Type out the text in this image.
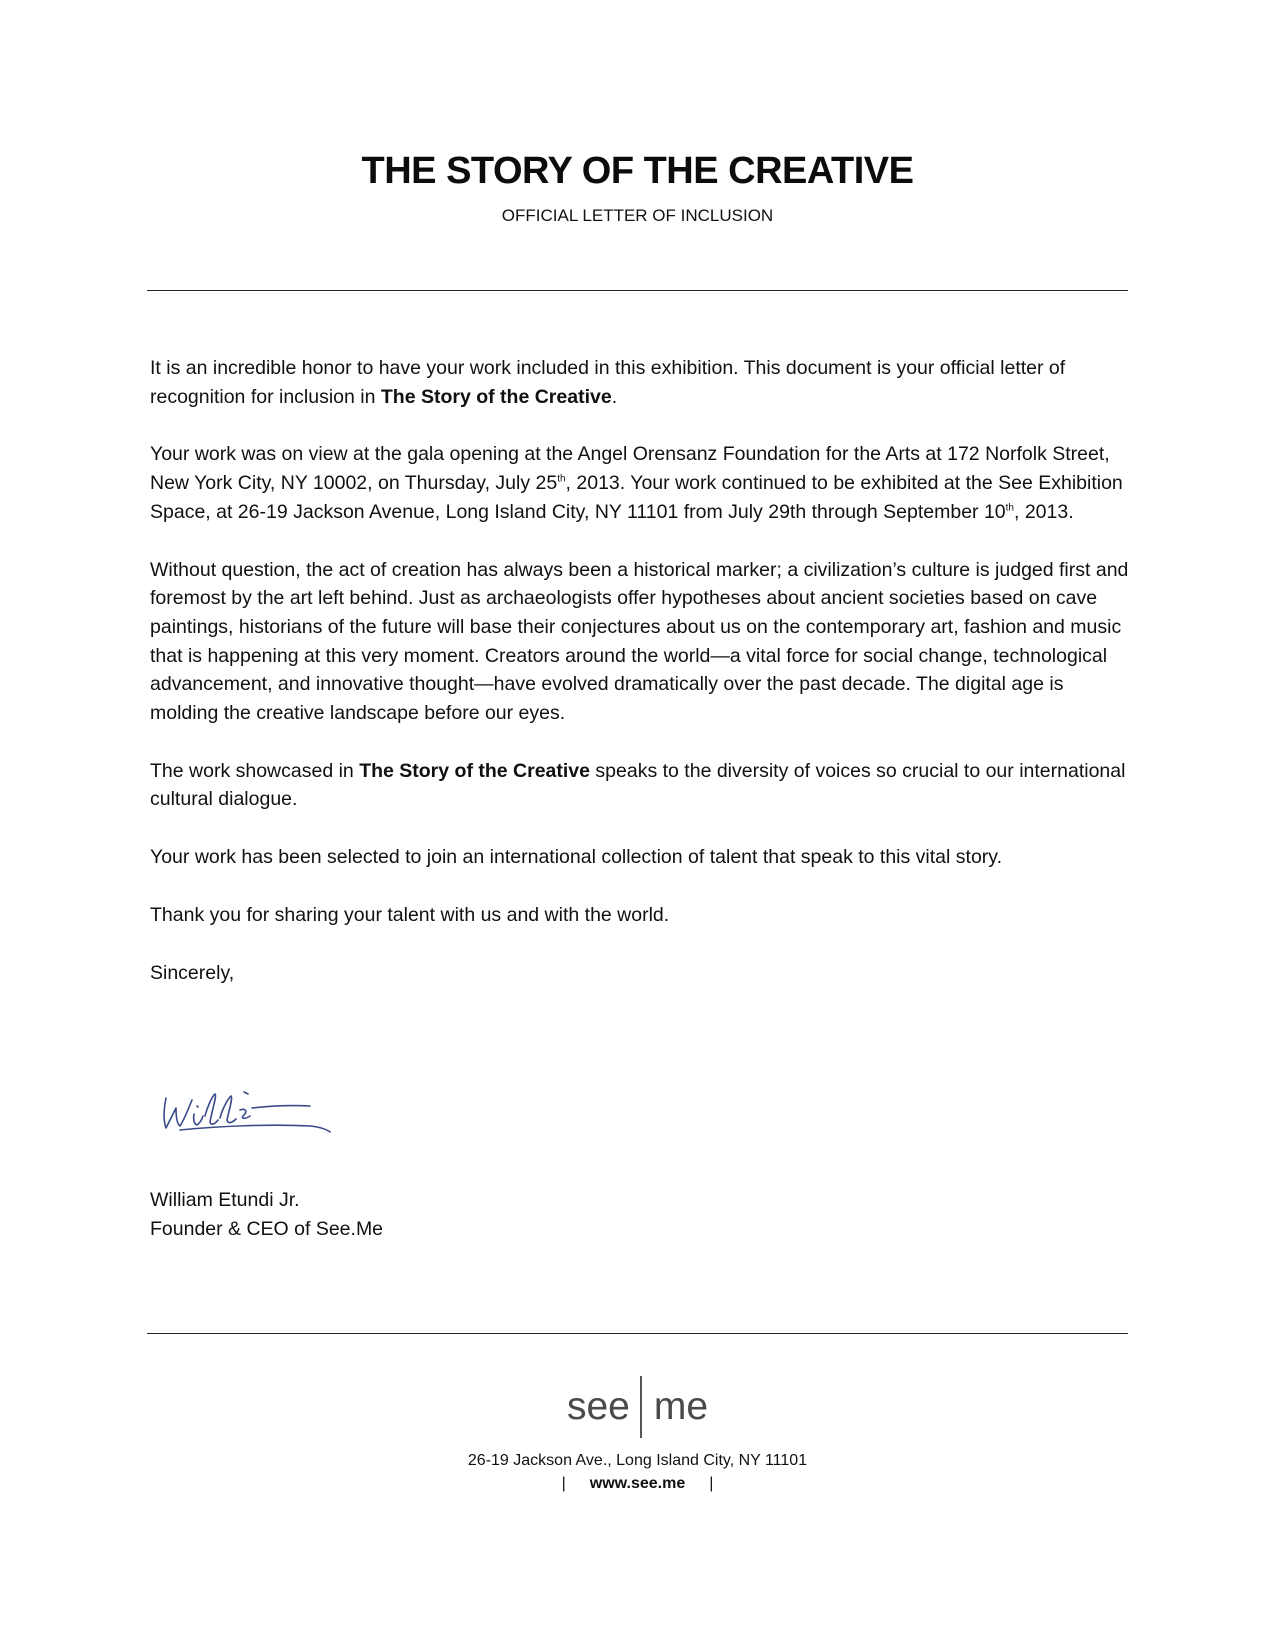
THE STORY OF THE CREATIVE
OFFICIAL LETTER OF INCLUSION

It is an incredible honor to have your work included in this exhibition. This document is your official letter of recognition for inclusion in The Story of the Creative.

Your work was on view at the gala opening at the Angel Orensanz Foundation for the Arts at 172 Norfolk Street, New York City, NY 10002, on Thursday, July 25th, 2013. Your work continued to be exhibited at the See Exhibition Space, at 26-19 Jackson Avenue, Long Island City, NY 11101 from July 29th through September 10th, 2013.

Without question, the act of creation has always been a historical marker; a civilization’s culture is judged first and foremost by the art left behind. Just as archaeologists offer hypotheses about ancient societies based on cave paintings, historians of the future will base their conjectures about us on the contemporary art, fashion and music that is happening at this very moment. Creators around the world—a vital force for social change, technological advancement, and innovative thought—have evolved dramatically over the past decade. The digital age is molding the creative landscape before our eyes.

The work showcased in The Story of the Creative speaks to the diversity of voices so crucial to our international cultural dialogue.

Your work has been selected to join an international collection of talent that speak to this vital story.

Thank you for sharing your talent with us and with the world.

Sincerely,

William Etundi Jr.
Founder & CEO of See.Me
see me
26-19 Jackson Ave., Long Island City, NY 11101
| www.see.me |
